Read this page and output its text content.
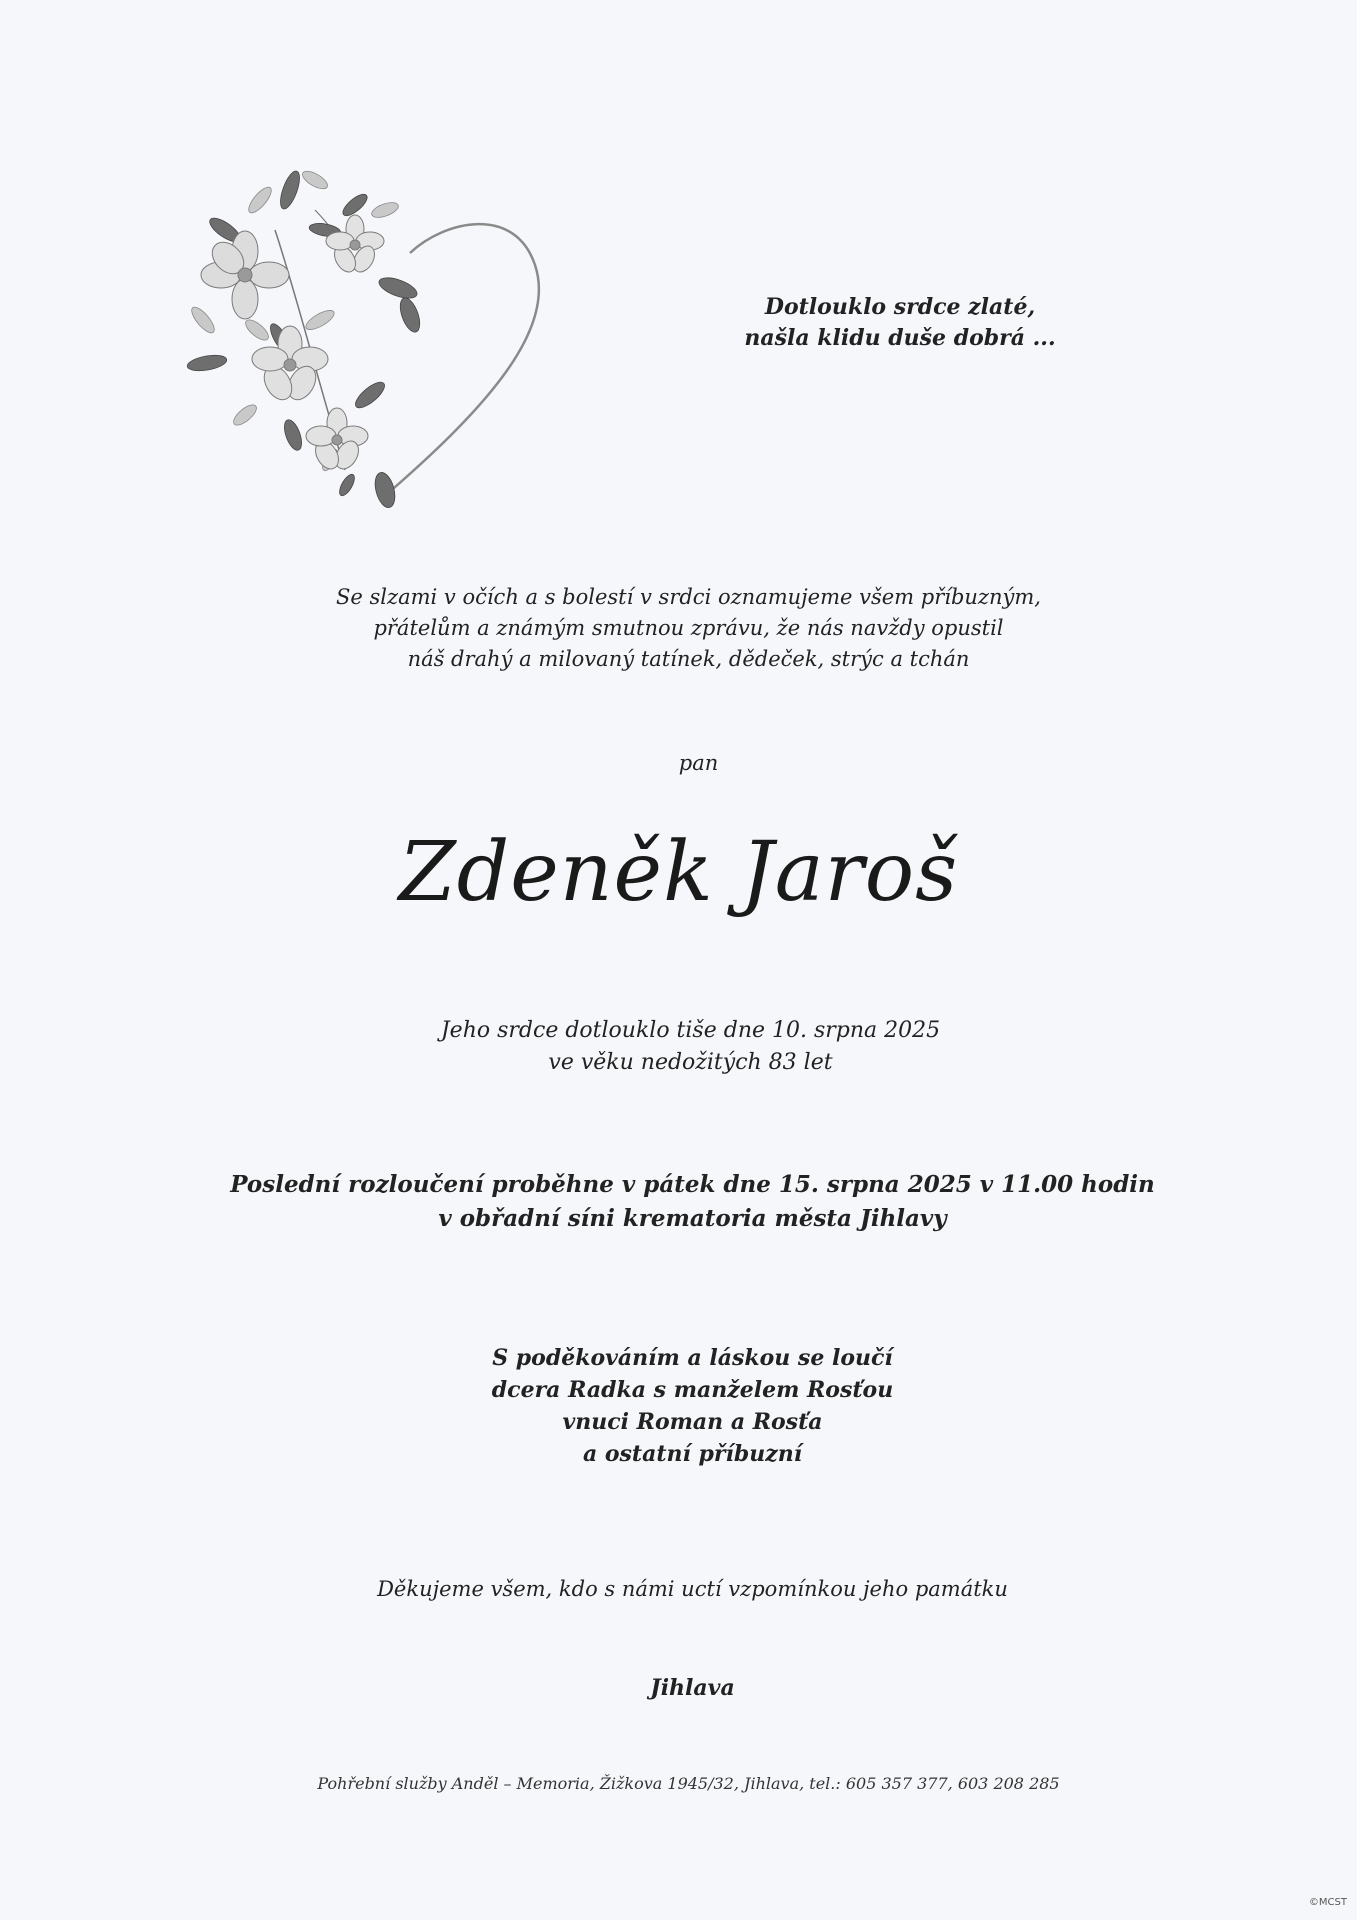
Dotlouklo srdce zlaté,
našla klidu duše dobrá ...
Se slzami v očích a s bolestí v srdci oznamujeme všem příbuzným,
přátelům a známým smutnou zprávu, že nás navždy opustil
náš drahý a milovaný tatínek, dědeček, strýc a tchán
pan
Zdeněk Jaroš
Jeho srdce dotlouklo tiše dne 10. srpna 2025
ve věku nedožitých 83 let
Poslední rozloučení proběhne v pátek dne 15. srpna 2025 v 11.00 hodin
v obřadní síni krematoria města Jihlavy
S poděkováním a láskou se loučí
dcera Radka s manželem Rosťou
vnuci Roman a Rosťa
a ostatní příbuzní
Děkujeme všem, kdo s námi uctí vzpomínkou jeho památku
Jihlava
Pohřební služby Anděl – Memoria, Žižkova 1945/32, Jihlava, tel.: 605 357 377, 603 208 285
©MCST
